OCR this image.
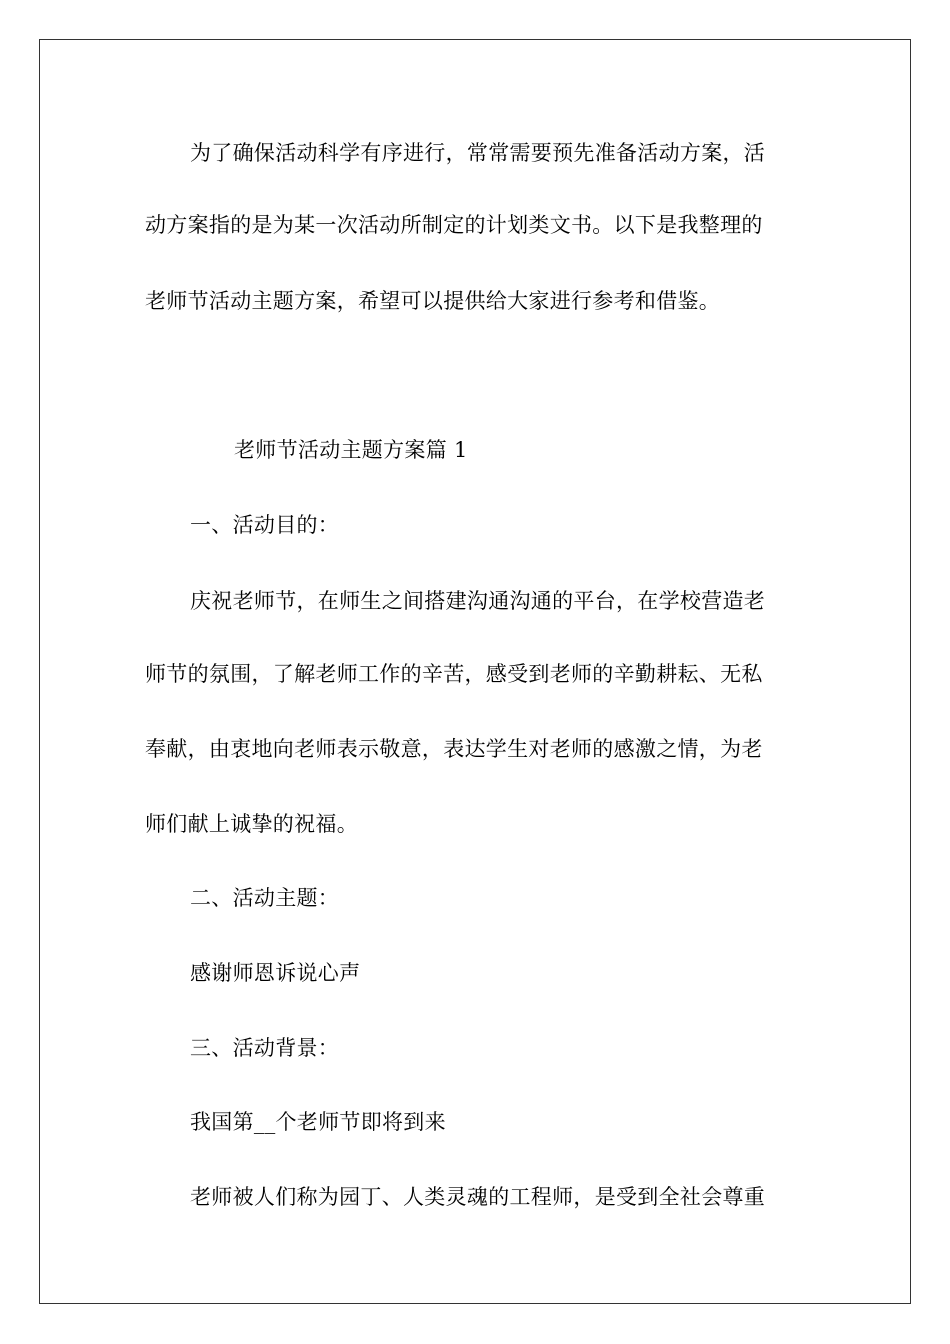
为了确保活动科学有序进行，常常需要预先准备活动方案，活
动方案指的是为某一次活动所制定的计划类文书。以下是我整理的
老师节活动主题方案，希望可以提供给大家进行参考和借鉴。
老师节活动主题方案篇 1
一、活动目的：
庆祝老师节，在师生之间搭建沟通沟通的平台，在学校营造老
师节的氛围，了解老师工作的辛苦，感受到老师的辛勤耕耘、无私
奉献，由衷地向老师表示敬意，表达学生对老师的感激之情，为老
师们献上诚挚的祝福。
二、活动主题：
感谢师恩诉说心声
三、活动背景：
我国第__个老师节即将到来
老师被人们称为园丁、人类灵魂的工程师，是受到全社会尊重
